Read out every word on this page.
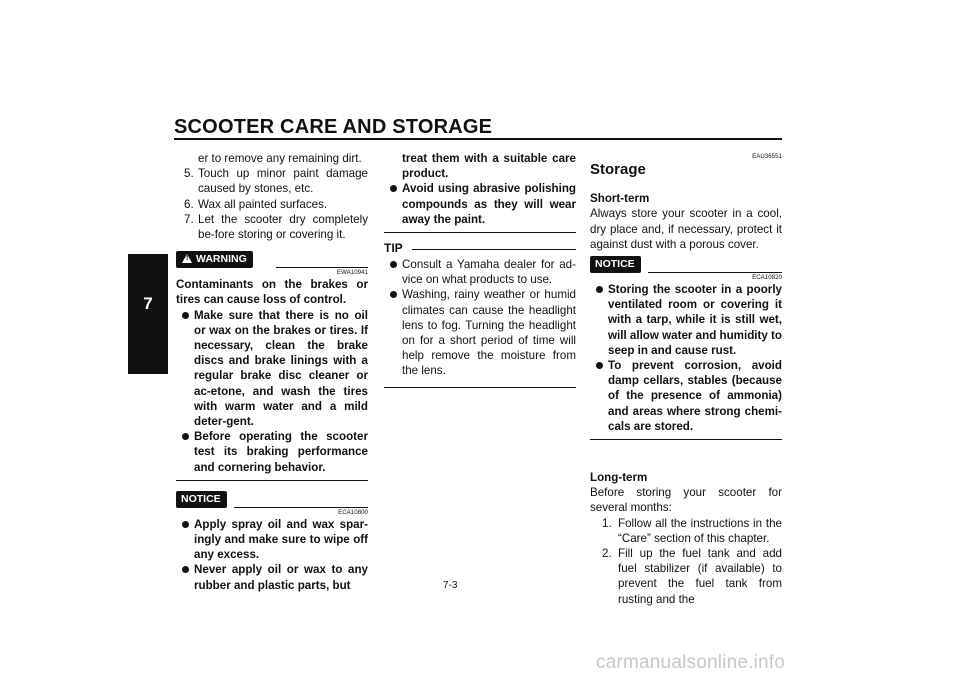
SCOOTER CARE AND STORAGE
7

er to remove any remaining dirt.

5. Touch up minor paint damage caused by stones, etc.
6. Wax all painted surfaces.
7. Let the scooter dry completely be-fore storing or covering it.
! WARNING

EWA10941

Contaminants on the brakes or tires can cause loss of control.

Make sure that there is no oil or wax on the brakes or tires. If necessary, clean the brake discs and brake linings with a regular brake disc cleaner or ac-etone, and wash the tires with warm water and a mild deter-gent.
Before operating the scooter test its braking performance and cornering behavior.
NOTICE

ECA10800

Apply spray oil and wax spar-ingly and make sure to wipe off any excess.
Never apply oil or wax to any rubber and plastic parts, but

treat them with a suitable care product.

Avoid using abrasive polishing compounds as they will wear away the paint.
TIP
Consult a Yamaha dealer for ad-vice on what products to use.
Washing, rainy weather or humid climates can cause the headlight lens to fog. Turning the headlight on for a short period of time will help remove the moisture from the lens.

EAU36551

Storage

Short-term

Always store your scooter in a cool, dry place and, if necessary, protect it against dust with a porous cover.

NOTICE

ECA10820

Storing the scooter in a poorly ventilated room or covering it with a tarp, while it is still wet, will allow water and humidity to seep in and cause rust.
To prevent corrosion, avoid damp cellars, stables (because of the presence of ammonia) and areas where strong chemi-cals are stored.

Long-term

Before storing your scooter for several months:

1. Follow all the instructions in the “Care” section of this chapter.
2. Fill up the fuel tank and add fuel stabilizer (if available) to prevent the fuel tank from rusting and the
7-3
carmanualsonline.info
